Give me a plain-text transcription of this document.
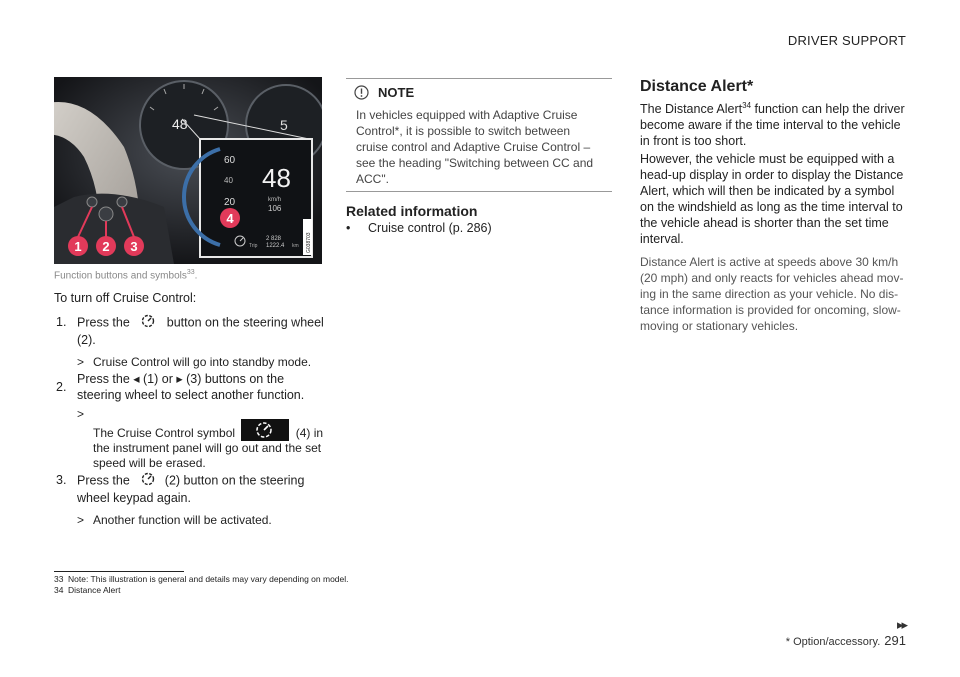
DRIVER SUPPORT
48	5
60
40
20
48
km/h
106
Trip
2 828
1222.4 km G038703
1 2 3
4
Function buttons and symbols$^{33}$.
To turn off Cruise Control:
1. Press the	button on the steering wheel (2).
> Cruise Control will go into standby mode.
2.
Press the ◂ (1) or ▸ (3) buttons on the steering wheel to select another function.
>
The Cruise Control symbol	(4) in
the instrument panel will go out and the set speed will be erased.
3. Press the	(2) button on the steering
wheel keypad again.
> Another function will be activated.
NOTE
In vehicles equipped with Adaptive Cruise Control*, it is possible to switch between cruise control and Adaptive Cruise Control – see the heading "Switching between CC and ACC".
Related information
• Cruise control (p. 286)
Distance Alert*
The Distance Alert$^{34}$ function can help the driver become aware if the time interval to the vehicle in front is too short.
However, the vehicle must be equipped with a head-up display in order to display the Distance Alert, which will then be indicated by a symbol on the windshield as long as the time interval to the vehicle ahead is shorter than the set time interval.
Distance Alert is active at speeds above 30 km/h
(20 mph) and only reacts for vehicles ahead mov-
ing in the same direction as your vehicle. No dis-
tance information is provided for oncoming, slow-
moving or stationary vehicles.
33 Note: This illustration is general and details may vary depending on model.
34 Distance Alert
▸▸
* Option/accessory. 291
